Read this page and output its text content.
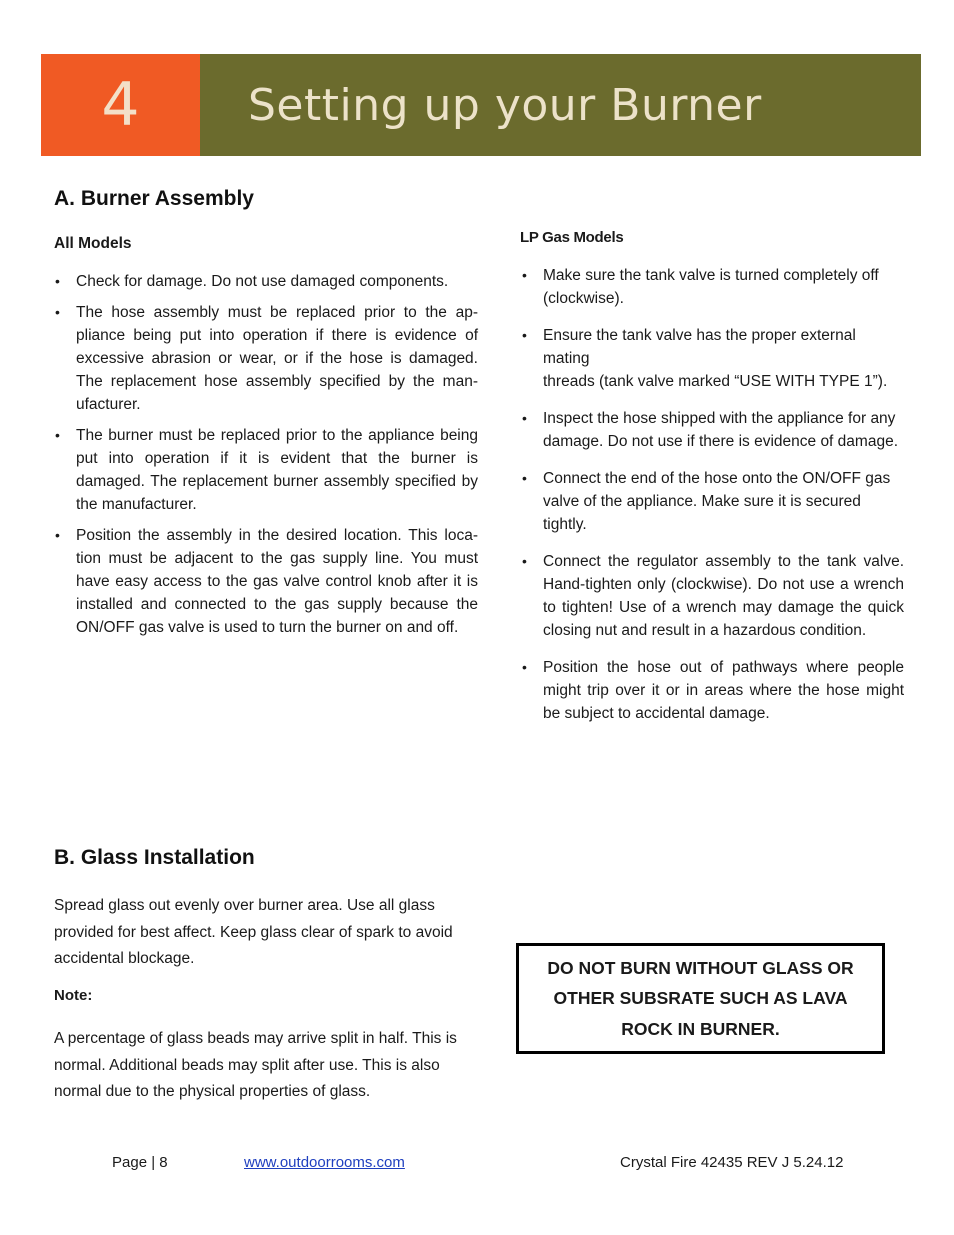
4	Setting up your Burner
A. Burner Assembly

All Models

• Check for damage. Do not use damaged components.
• The hose assembly must be replaced prior to the ap-pliance being put into operation if there is evidence of excessive abrasion or wear, or if the hose is damaged. The replacement hose assembly specified by the man-ufacturer.
• The burner must be replaced prior to the appliance being put into operation if it is evident that the burner is damaged. The replacement burner assembly specified by the manufacturer.
• Position the assembly in the desired location. This loca-tion must be adjacent to the gas supply line. You must have easy access to the gas valve control knob after it is installed and connected to the gas supply because the ON/OFF gas valve is used to turn the burner on and off.

LP Gas Models

• Make sure the tank valve is turned completely off (clockwise).
• Ensure the tank valve has the proper external mating
threads (tank valve marked “USE WITH TYPE 1”).
• Inspect the hose shipped with the appliance for any
damage. Do not use if there is evidence of damage.
• Connect the end of the hose onto the ON/OFF gas
valve of the appliance. Make sure it is secured tightly.
• Connect the regulator assembly to the tank valve. Hand-tighten only (clockwise). Do not use a wrench to tighten! Use of a wrench may damage the quick closing nut and result in a hazardous condition.
• Position the hose out of pathways where people might trip over it or in areas where the hose might be subject to accidental damage.
B. Glass Installation

Spread glass out evenly over burner area. Use all glass provided for best affect. Keep glass clear of spark to avoid accidental blockage.

Note:

A percentage of glass beads may arrive split in half. This is normal. Additional beads may split after use. This is also normal due to the physical properties of glass.

DO NOT BURN WITHOUT GLASS OR OTHER SUBSRATE SUCH AS LAVA ROCK IN BURNER.
Page | 8	www.outdoorrooms.com	Crystal Fire 42435 REV J 5.24.12
